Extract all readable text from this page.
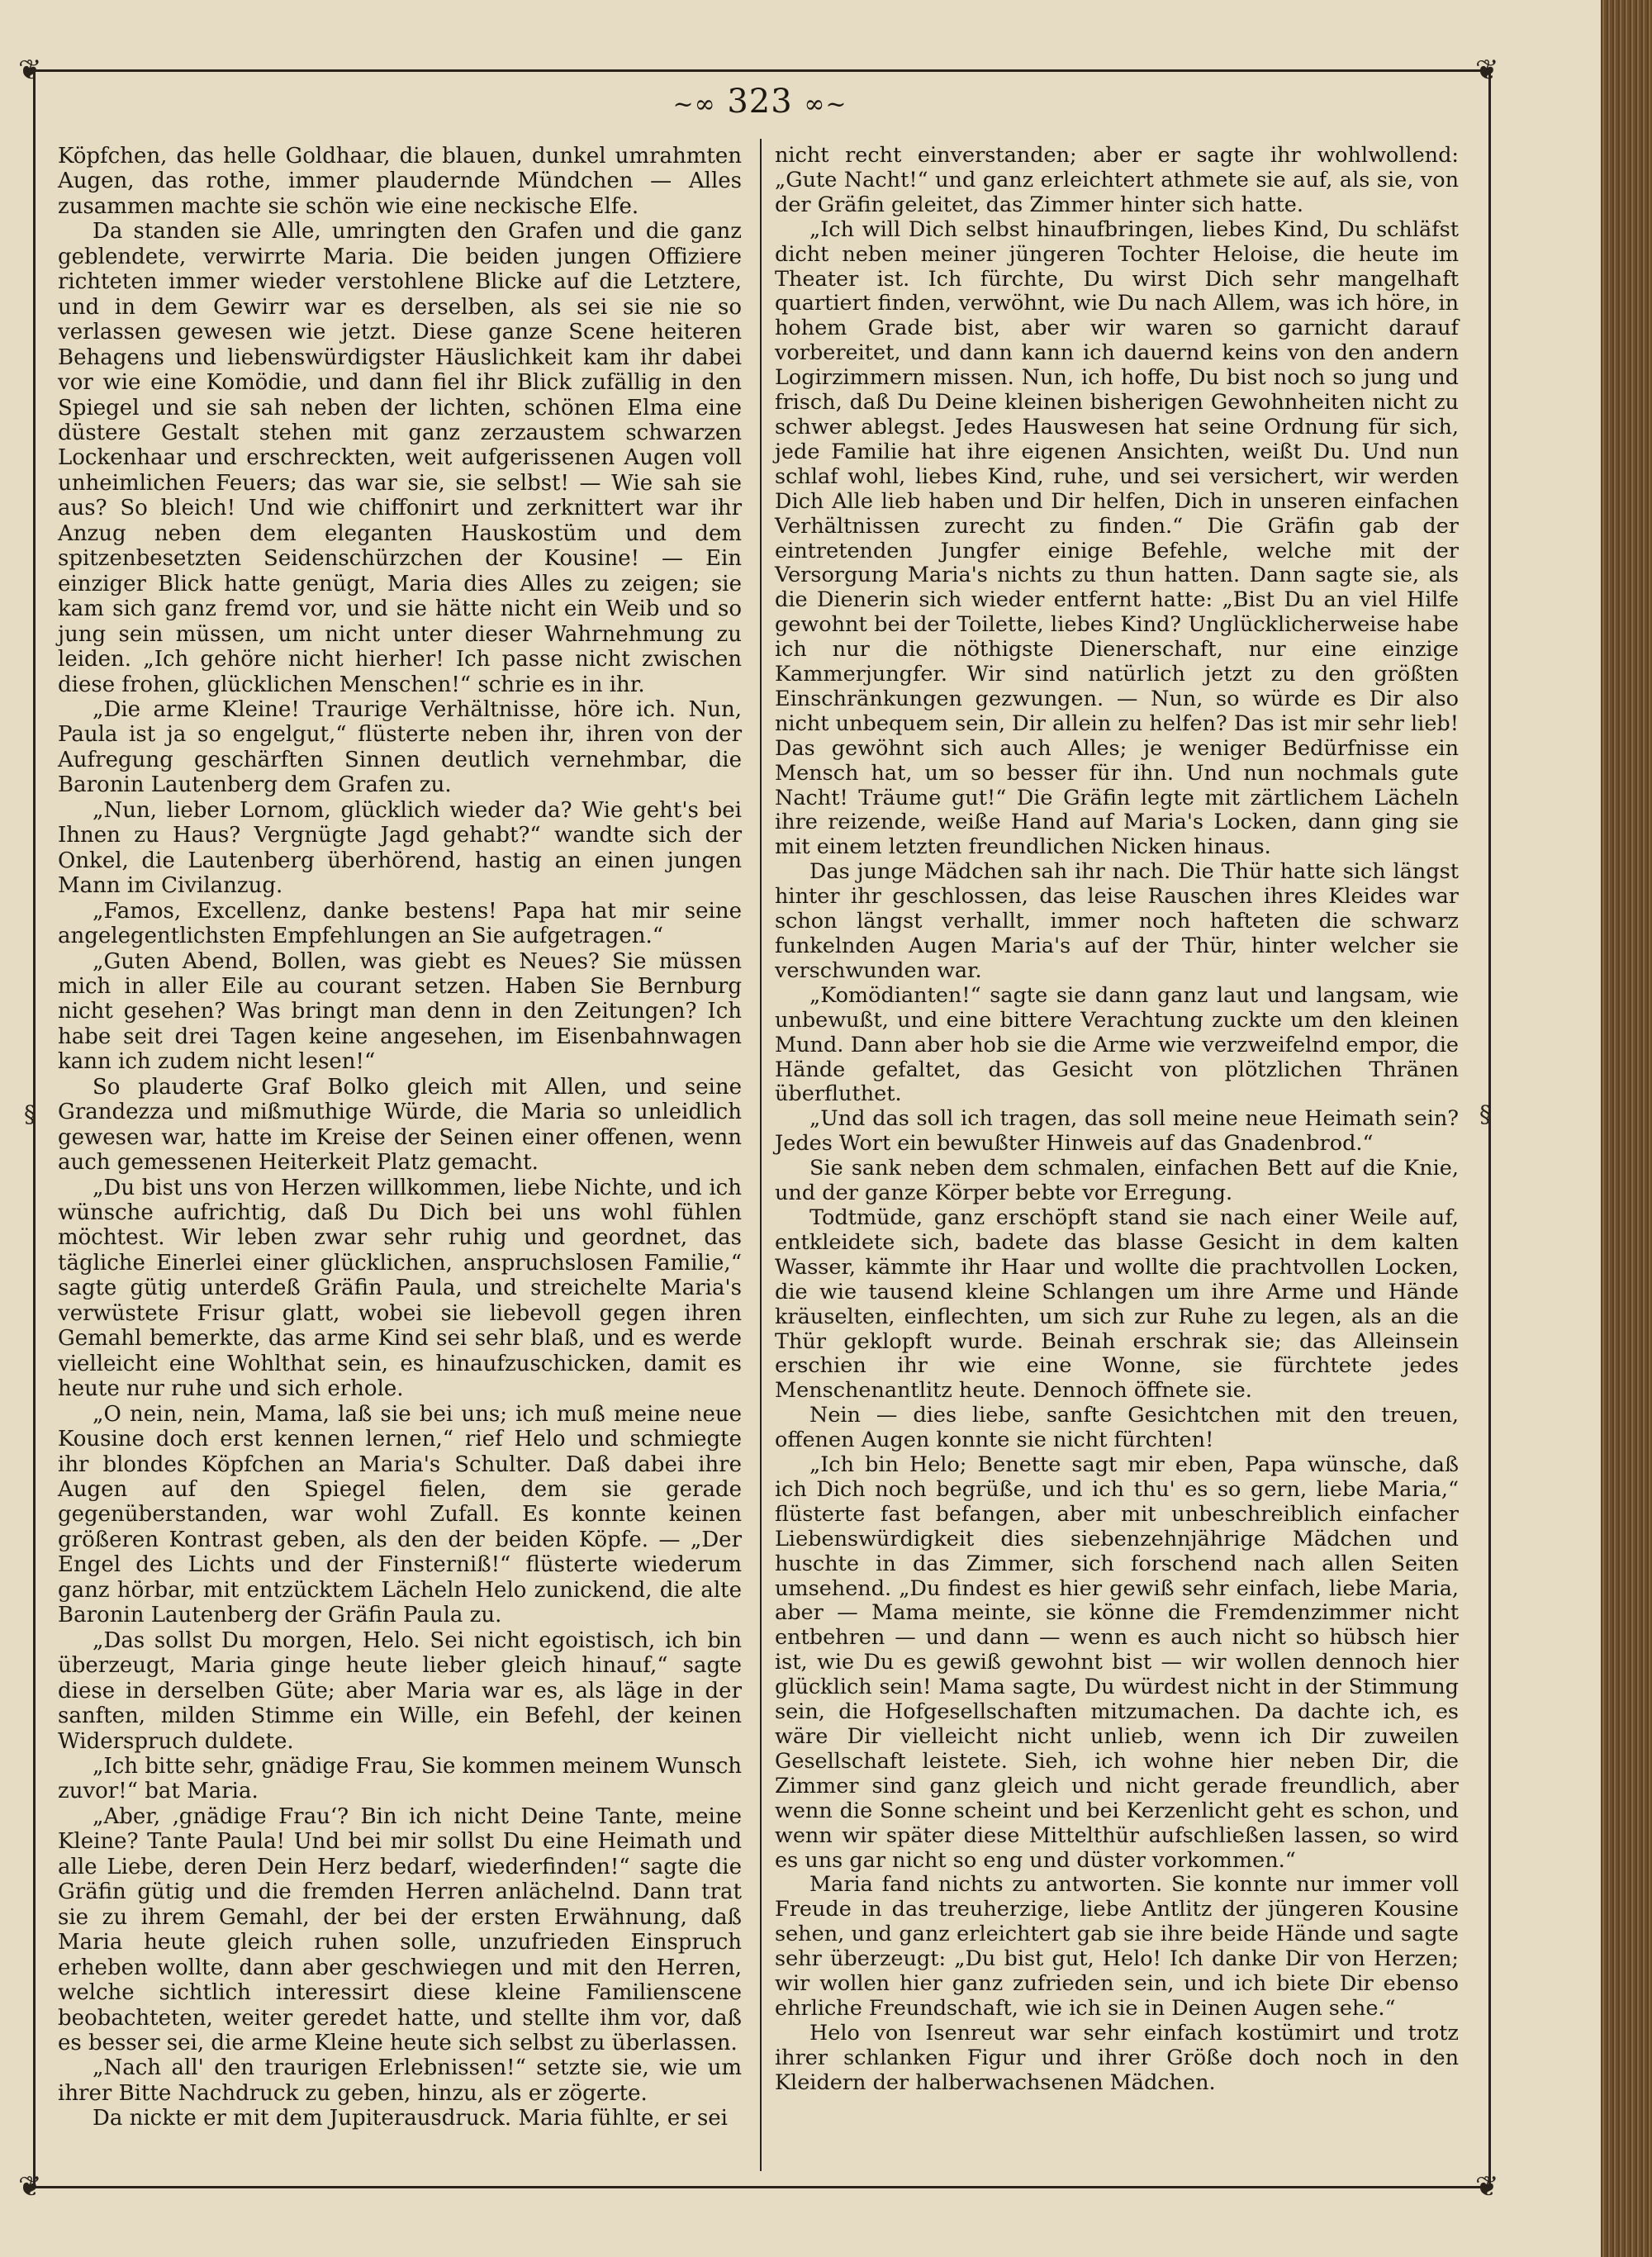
❦	❦
❦	❦
§	§
~∞ 323 ∞~

Köpfchen, das helle Goldhaar, die blauen, dunkel umrahmten Augen, das rothe, immer plaudernde Mündchen — Alles zusammen machte sie schön wie eine neckische Elfe.

Da standen sie Alle, umringten den Grafen und die ganz geblendete, verwirrte Maria. Die beiden jungen Offiziere richteten immer wieder verstohlene Blicke auf die Letztere, und in dem Gewirr war es derselben, als sei sie nie so verlassen gewesen wie jetzt. Diese ganze Scene heiteren Behagens und liebenswürdigster Häuslichkeit kam ihr dabei vor wie eine Komödie, und dann fiel ihr Blick zufällig in den Spiegel und sie sah neben der lichten, schönen Elma eine düstere Gestalt stehen mit ganz zerzaustem schwarzen Lockenhaar und erschreckten, weit aufgerissenen Augen voll unheimlichen Feuers; das war sie, sie selbst! — Wie sah sie aus? So bleich! Und wie chiffonirt und zerknittert war ihr Anzug neben dem eleganten Hauskostüm und dem spitzenbesetzten Seidenschürzchen der Kousine! — Ein einziger Blick hatte genügt, Maria dies Alles zu zeigen; sie kam sich ganz fremd vor, und sie hätte nicht ein Weib und so jung sein müssen, um nicht unter dieser Wahrnehmung zu leiden. „Ich gehöre nicht hierher! Ich passe nicht zwischen diese frohen, glücklichen Menschen!“ schrie es in ihr.

„Die arme Kleine! Traurige Verhältnisse, höre ich. Nun, Paula ist ja so engelgut,“ flüsterte neben ihr, ihren von der Aufregung geschärften Sinnen deutlich vernehmbar, die Baronin Lautenberg dem Grafen zu.

„Nun, lieber Lornom, glücklich wieder da? Wie geht's bei Ihnen zu Haus? Vergnügte Jagd gehabt?“ wandte sich der Onkel, die Lautenberg überhörend, hastig an einen jungen Mann im Civilanzug.

„Famos, Excellenz, danke bestens! Papa hat mir seine angelegentlichsten Empfehlungen an Sie aufgetragen.“

„Guten Abend, Bollen, was giebt es Neues? Sie müssen mich in aller Eile au courant setzen. Haben Sie Bernburg nicht gesehen? Was bringt man denn in den Zeitungen? Ich habe seit drei Tagen keine angesehen, im Eisenbahnwagen kann ich zudem nicht lesen!“

So plauderte Graf Bolko gleich mit Allen, und seine Grandezza und mißmuthige Würde, die Maria so unleidlich gewesen war, hatte im Kreise der Seinen einer offenen, wenn auch gemessenen Heiterkeit Platz gemacht.

„Du bist uns von Herzen willkommen, liebe Nichte, und ich wünsche aufrichtig, daß Du Dich bei uns wohl fühlen möchtest. Wir leben zwar sehr ruhig und geordnet, das tägliche Einerlei einer glücklichen, anspruchslosen Familie,“ sagte gütig unterdeß Gräfin Paula, und streichelte Maria's verwüstete Frisur glatt, wobei sie liebevoll gegen ihren Gemahl bemerkte, das arme Kind sei sehr blaß, und es werde vielleicht eine Wohlthat sein, es hinaufzuschicken, damit es heute nur ruhe und sich erhole.

„O nein, nein, Mama, laß sie bei uns; ich muß meine neue Kousine doch erst kennen lernen,“ rief Helo und schmiegte ihr blondes Köpfchen an Maria's Schulter. Daß dabei ihre Augen auf den Spiegel fielen, dem sie gerade gegenüberstanden, war wohl Zufall. Es konnte keinen größeren Kontrast geben, als den der beiden Köpfe. — „Der Engel des Lichts und der Finsterniß!“ flüsterte wiederum ganz hörbar, mit entzücktem Lächeln Helo zunickend, die alte Baronin Lautenberg der Gräfin Paula zu.

„Das sollst Du morgen, Helo. Sei nicht egoistisch, ich bin überzeugt, Maria ginge heute lieber gleich hinauf,“ sagte diese in derselben Güte; aber Maria war es, als läge in der sanften, milden Stimme ein Wille, ein Befehl, der keinen Widerspruch duldete.

„Ich bitte sehr, gnädige Frau, Sie kommen meinem Wunsch zuvor!“ bat Maria.

„Aber, ‚gnädige Frau‘? Bin ich nicht Deine Tante, meine Kleine? Tante Paula! Und bei mir sollst Du eine Heimath und alle Liebe, deren Dein Herz bedarf, wiederfinden!“ sagte die Gräfin gütig und die fremden Herren anlächelnd. Dann trat sie zu ihrem Gemahl, der bei der ersten Erwähnung, daß Maria heute gleich ruhen solle, unzufrieden Einspruch erheben wollte, dann aber geschwiegen und mit den Herren, welche sichtlich interessirt diese kleine Familienscene beobachteten, weiter geredet hatte, und stellte ihm vor, daß es besser sei, die arme Kleine heute sich selbst zu überlassen.

„Nach all' den traurigen Erlebnissen!“ setzte sie, wie um ihrer Bitte Nachdruck zu geben, hinzu, als er zögerte.

Da nickte er mit dem Jupiterausdruck. Maria fühlte, er sei

nicht recht einverstanden; aber er sagte ihr wohlwollend: „Gute Nacht!“ und ganz erleichtert athmete sie auf, als sie, von der Gräfin geleitet, das Zimmer hinter sich hatte.

„Ich will Dich selbst hinaufbringen, liebes Kind, Du schläfst dicht neben meiner jüngeren Tochter Heloise, die heute im Theater ist. Ich fürchte, Du wirst Dich sehr mangelhaft quartiert finden, verwöhnt, wie Du nach Allem, was ich höre, in hohem Grade bist, aber wir waren so garnicht darauf vorbereitet, und dann kann ich dauernd keins von den andern Logirzimmern missen. Nun, ich hoffe, Du bist noch so jung und frisch, daß Du Deine kleinen bisherigen Gewohnheiten nicht zu schwer ablegst. Jedes Hauswesen hat seine Ordnung für sich, jede Familie hat ihre eigenen Ansichten, weißt Du. Und nun schlaf wohl, liebes Kind, ruhe, und sei versichert, wir werden Dich Alle lieb haben und Dir helfen, Dich in unseren einfachen Verhältnissen zurecht zu finden.“ Die Gräfin gab der eintretenden Jungfer einige Befehle, welche mit der Versorgung Maria's nichts zu thun hatten. Dann sagte sie, als die Dienerin sich wieder entfernt hatte: „Bist Du an viel Hilfe gewohnt bei der Toilette, liebes Kind? Unglücklicherweise habe ich nur die nöthigste Dienerschaft, nur eine einzige Kammerjungfer. Wir sind natürlich jetzt zu den größten Einschränkungen gezwungen. — Nun, so würde es Dir also nicht unbequem sein, Dir allein zu helfen? Das ist mir sehr lieb! Das gewöhnt sich auch Alles; je weniger Bedürfnisse ein Mensch hat, um so besser für ihn. Und nun nochmals gute Nacht! Träume gut!“ Die Gräfin legte mit zärtlichem Lächeln ihre reizende, weiße Hand auf Maria's Locken, dann ging sie mit einem letzten freundlichen Nicken hinaus.

Das junge Mädchen sah ihr nach. Die Thür hatte sich längst hinter ihr geschlossen, das leise Rauschen ihres Kleides war schon längst verhallt, immer noch hafteten die schwarz funkelnden Augen Maria's auf der Thür, hinter welcher sie verschwunden war.

„Komödianten!“ sagte sie dann ganz laut und langsam, wie unbewußt, und eine bittere Verachtung zuckte um den kleinen Mund. Dann aber hob sie die Arme wie verzweifelnd empor, die Hände gefaltet, das Gesicht von plötzlichen Thränen überfluthet.

„Und das soll ich tragen, das soll meine neue Heimath sein? Jedes Wort ein bewußter Hinweis auf das Gnadenbrod.“

Sie sank neben dem schmalen, einfachen Bett auf die Knie, und der ganze Körper bebte vor Erregung.

Todtmüde, ganz erschöpft stand sie nach einer Weile auf, entkleidete sich, badete das blasse Gesicht in dem kalten Wasser, kämmte ihr Haar und wollte die prachtvollen Locken, die wie tausend kleine Schlangen um ihre Arme und Hände kräuselten, einflechten, um sich zur Ruhe zu legen, als an die Thür geklopft wurde. Beinah erschrak sie; das Alleinsein erschien ihr wie eine Wonne, sie fürchtete jedes Menschenantlitz heute. Dennoch öffnete sie.

Nein — dies liebe, sanfte Gesichtchen mit den treuen, offenen Augen konnte sie nicht fürchten!

„Ich bin Helo; Benette sagt mir eben, Papa wünsche, daß ich Dich noch begrüße, und ich thu' es so gern, liebe Maria,“ flüsterte fast befangen, aber mit unbeschreiblich einfacher Liebenswürdigkeit dies siebenzehnjährige Mädchen und huschte in das Zimmer, sich forschend nach allen Seiten umsehend. „Du findest es hier gewiß sehr einfach, liebe Maria, aber — Mama meinte, sie könne die Fremdenzimmer nicht entbehren — und dann — wenn es auch nicht so hübsch hier ist, wie Du es gewiß gewohnt bist — wir wollen dennoch hier glücklich sein! Mama sagte, Du würdest nicht in der Stimmung sein, die Hofgesellschaften mitzumachen. Da dachte ich, es wäre Dir vielleicht nicht unlieb, wenn ich Dir zuweilen Gesellschaft leistete. Sieh, ich wohne hier neben Dir, die Zimmer sind ganz gleich und nicht gerade freundlich, aber wenn die Sonne scheint und bei Kerzenlicht geht es schon, und wenn wir später diese Mittelthür aufschließen lassen, so wird es uns gar nicht so eng und düster vorkommen.“

Maria fand nichts zu antworten. Sie konnte nur immer voll Freude in das treuherzige, liebe Antlitz der jüngeren Kousine sehen, und ganz erleichtert gab sie ihre beide Hände und sagte sehr überzeugt: „Du bist gut, Helo! Ich danke Dir von Herzen; wir wollen hier ganz zufrieden sein, und ich biete Dir ebenso ehrliche Freundschaft, wie ich sie in Deinen Augen sehe.“

Helo von Isenreut war sehr einfach kostümirt und trotz ihrer schlanken Figur und ihrer Größe doch noch in den Kleidern der halberwachsenen Mädchen.
